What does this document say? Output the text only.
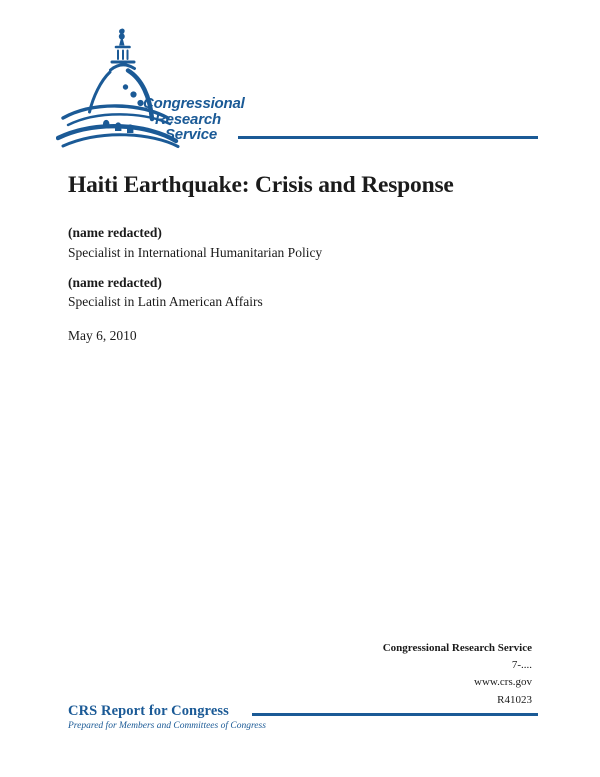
Congressional
Research
Service
Haiti Earthquake: Crisis and Response
(name redacted)
Specialist in International Humanitarian Policy
(name redacted)
Specialist in Latin American Affairs
May 6, 2010
Congressional Research Service
7-....
www.crs.gov
R41023
CRS Report for Congress
Prepared for Members and Committees of Congress
